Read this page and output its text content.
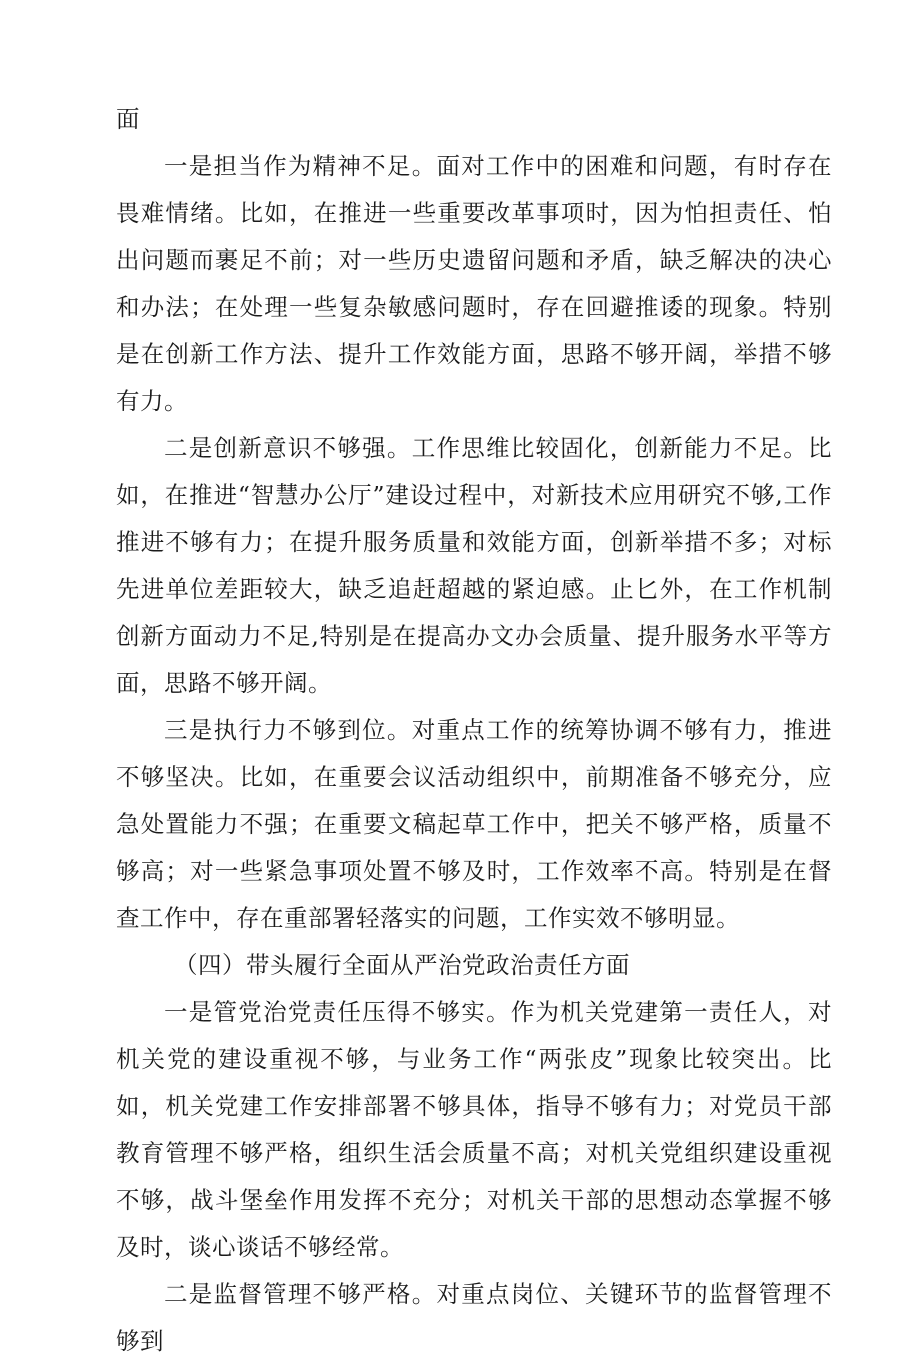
面

一是担当作为精神不足。面对工作中的困难和问题，有时存在畏难情绪。比如，在推进一些重要改革事项时，因为怕担责任、怕出问题而裹足不前；对一些历史遗留问题和矛盾，缺乏解决的决心和办法；在处理一些复杂敏感问题时，存在回避推诿的现象。特别是在创新工作方法、提升工作效能方面，思路不够开阔，举措不够有力。

二是创新意识不够强。工作思维比较固化，创新能力不足。比如，在推进“智慧办公厅”建设过程中，对新技术应用研究不够,工作推进不够有力；在提升服务质量和效能方面，创新举措不多；对标先进单位差距较大，缺乏追赶超越的紧迫感。止匕外，在工作机制创新方面动力不足,特别是在提高办文办会质量、提升服务水平等方面，思路不够开阔。

三是执行力不够到位。对重点工作的统筹协调不够有力，推进不够坚决。比如，在重要会议活动组织中，前期准备不够充分，应急处置能力不强；在重要文稿起草工作中，把关不够严格，质量不够高；对一些紧急事项处置不够及时，工作效率不高。特别是在督查工作中，存在重部署轻落实的问题，工作实效不够明显。

（四）带头履行全面从严治党政治责任方面

一是管党治党责任压得不够实。作为机关党建第一责任人，对机关党的建设重视不够，与业务工作“两张皮”现象比较突出。比如，机关党建工作安排部署不够具体，指导不够有力；对党员干部教育管理不够严格，组织生活会质量不高；对机关党组织建设重视不够，战斗堡垒作用发挥不充分；对机关干部的思想动态掌握不够及时，谈心谈话不够经常。

二是监督管理不够严格。对重点岗位、关键环节的监督管理不够到
